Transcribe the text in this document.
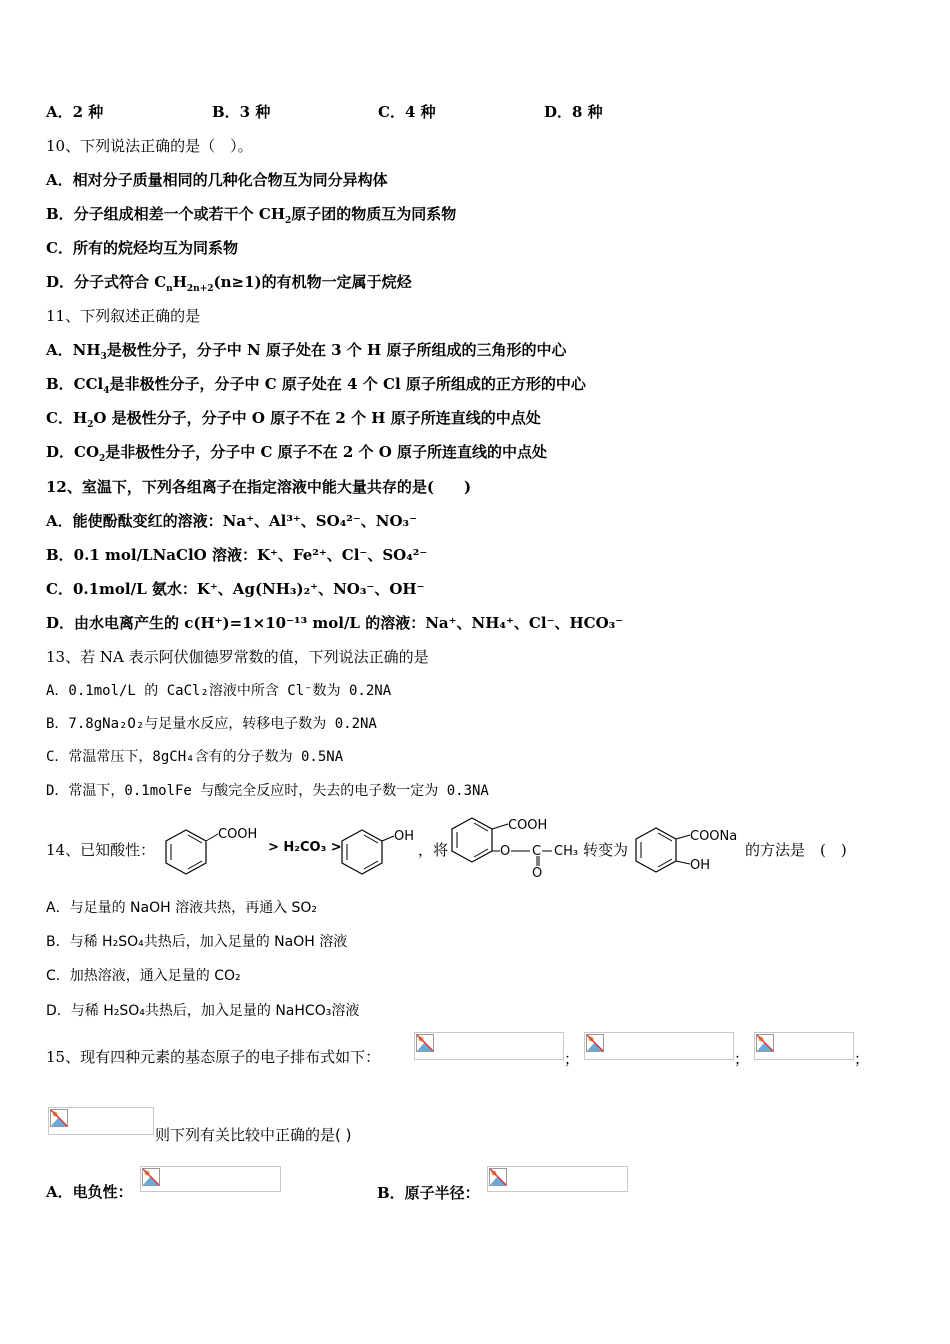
A．2 种	B．3 种	C．4 种	D．8 种
10、下列说法正确的是（　）。
A．相对分子质量相同的几种化合物互为同分异构体
B．分子组成相差一个或若干个 $CH_2$原子团的物质互为同系物
C．所有的烷烃均互为同系物
D．分子式符合 $C_nH_{2n+2}(n\ge 1)$的有机物一定属于烷烃
11、下列叙述正确的是
A．$NH_3$是极性分子，分子中 N 原子处在 3 个 H 原子所组成的三角形的中心
B．CCl$_4$是非极性分子，分子中 C 原子处在 4 个 Cl 原子所组成的正方形的中心
C．$H_2O$ 是极性分子，分子中 O 原子不在 2 个 H 原子所连直线的中点处
D．$CO_2$是非极性分子，分子中 C 原子不在 2 个 O 原子所连直线的中点处
12、室温下，下列各组离子在指定溶液中能大量共存的是(　　)
A．能使酚酞变红的溶液：Na⁺、Al³⁺、SO₄²⁻、NO₃⁻
B．0.1 mol/LNaClO 溶液：K⁺、Fe²⁺、Cl⁻、SO₄²⁻
C．0.1mol/L 氨水：K⁺、Ag(NH₃)₂⁺、NO₃⁻、OH⁻
D．由水电离产生的 c(H⁺)=1×10⁻¹³ mol/L 的溶液：Na⁺、NH₄⁺、Cl⁻、HCO₃⁻
13、若 NA 表示阿伏伽德罗常数的值，下列说法正确的是
A．0.1mol/L 的 CaCl₂溶液中所含 Cl⁻数为 0.2NA
B．7.8gNa₂O₂与足量水反应，转移电子数为 0.2NA
C．常温常压下，8gCH₄含有的分子数为 0.5NA
D．常温下，0.1molFe 与酸完全反应时，失去的电子数一定为 0.3NA
14、已知酸性：
COOH
> H₂CO₃ >
OH
，将
COOH
O C
O
CH₃ 转变为
COONa
OH
的方法是　(　)
A．与足量的 NaOH 溶液共热，再通入 SO₂
B．与稀 H₂SO₄共热后，加入足量的 NaOH 溶液
C．加热溶液，通入足量的 CO₂
D．与稀 H₂SO₄共热后，加入足量的 NaHCO₃溶液
15、现有四种元素的基态原子的电子排布式如下：	；	；	；
则下列有关比较中正确的是( )
A．电负性：	B．原子半径：
